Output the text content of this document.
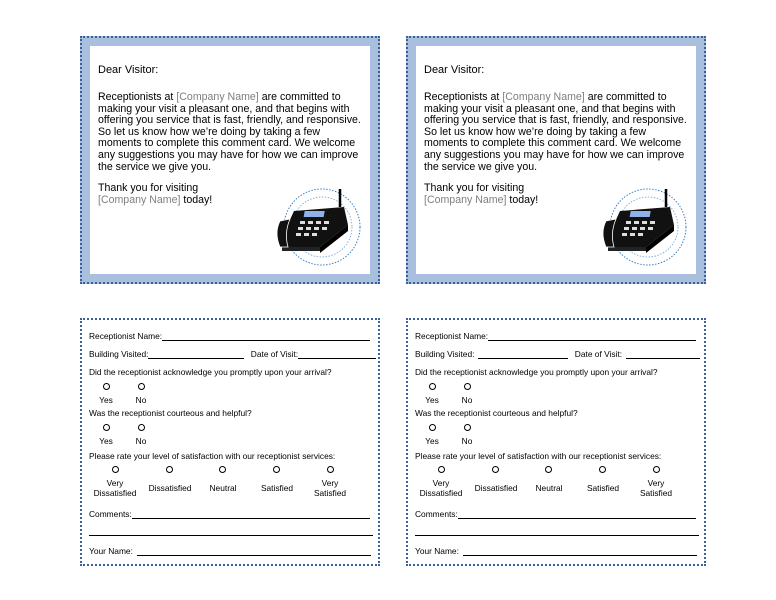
Dear Visitor:

Receptionists at [Company Name] are committed to making your visit a pleasant one, and that begins with offering you service that is fast, friendly, and responsive. So let us know how we’re doing by taking a few moments to complete this comment card. We welcome any suggestions you may have for how we can improve the service we give you.

Thank you for visiting
[Company Name] today!

Dear Visitor:

Receptionists at [Company Name] are committed to making your visit a pleasant one, and that begins with offering you service that is fast, friendly, and responsive. So let us know how we’re doing by taking a few moments to complete this comment card. We welcome any suggestions you may have for how we can improve the service we give you.

Thank you for visiting
[Company Name] today!

Receptionist Name:
Building Visited:	Date of Visit:
Did the receptionist acknowledge you promptly upon your arrival?
Yes	No
Was the receptionist courteous and helpful?
Yes	No
Please rate your level of satisfaction with our receptionist services:
Very Dissatisfied	Dissatisfied	Neutral	Satisfied	Very Satisfied
Comments:
Your Name:
Receptionist Name:
Building Visited:	Date of Visit:
Did the receptionist acknowledge you promptly upon your arrival?
Yes	No
Was the receptionist courteous and helpful?
Yes	No
Please rate your level of satisfaction with our receptionist services:
Very Dissatisfied	Dissatisfied	Neutral	Satisfied	Very Satisfied
Comments:
Your Name:
